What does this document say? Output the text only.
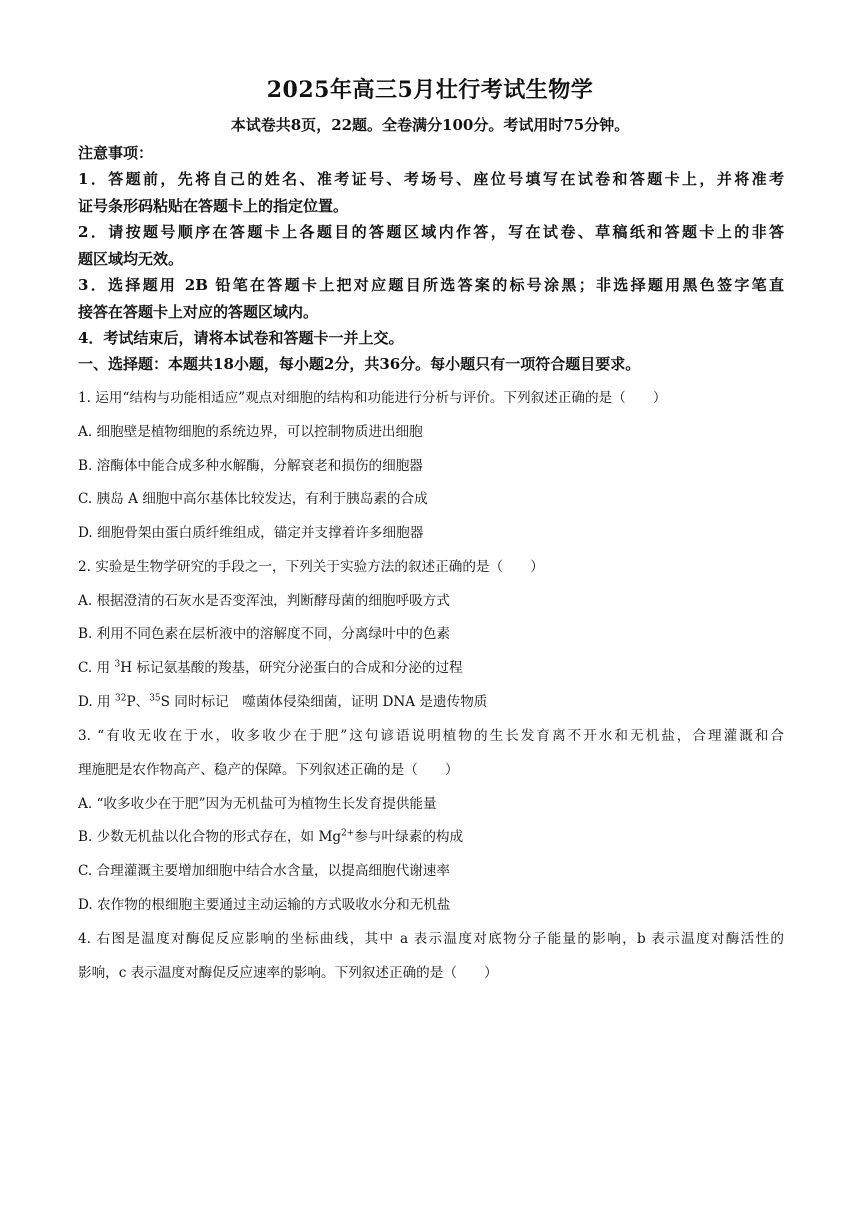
2025年高三5月壮行考试生物学
本试卷共8页，22题。全卷满分100分。考试用时75分钟。
注意事项：
1．答题前，先将自己的姓名、准考证号、考场号、座位号填写在试卷和答题卡上，并将准考
证号条形码粘贴在答题卡上的指定位置。
2．请按题号顺序在答题卡上各题目的答题区域内作答，写在试卷、草稿纸和答题卡上的非答
题区域均无效。
3．选择题用 2B 铅笔在答题卡上把对应题目所选答案的标号涂黑；非选择题用黑色签字笔直
接答在答题卡上对应的答题区域内。
4．考试结束后，请将本试卷和答题卡一并上交。
一、选择题：本题共18小题，每小题2分，共36分。每小题只有一项符合题目要求。
1. 运用“结构与功能相适应”观点对细胞的结构和功能进行分析与评价。下列叙述正确的是（　　）
A. 细胞壁是植物细胞的系统边界，可以控制物质进出细胞
B. 溶酶体中能合成多种水解酶，分解衰老和损伤的细胞器
C. 胰岛 A 细胞中高尔基体比较发达，有利于胰岛素的合成
D. 细胞骨架由蛋白质纤维组成，锚定并支撑着许多细胞器
2. 实验是生物学研究的手段之一，下列关于实验方法的叙述正确的是（　　）
A. 根据澄清的石灰水是否变浑浊，判断酵母菌的细胞呼吸方式
B. 利用不同色素在层析液中的溶解度不同，分离绿叶中的色素
C. 用 $^3$H 标记氨基酸的羧基，研究分泌蛋白的合成和分泌的过程
D. 用 $^{32}$P、$^{35}$S 同时标记　噬菌体侵染细菌，证明 DNA 是遗传物质
3. “有收无收在于水，收多收少在于肥”这句谚语说明植物的生长发育离不开水和无机盐，合理灌溉和合
理施肥是农作物高产、稳产的保障。下列叙述正确的是（　　）
A. “收多收少在于肥”因为无机盐可为植物生长发育提供能量
B. 少数无机盐以化合物的形式存在，如 $Mg^{2+}$参与叶绿素的构成
C. 合理灌溉主要增加细胞中结合水含量，以提高细胞代谢速率
D. 农作物的根细胞主要通过主动运输的方式吸收水分和无机盐
4. 右图是温度对酶促反应影响的坐标曲线，其中 a 表示温度对底物分子能量的影响，b 表示温度对酶活性的
影响，c 表示温度对酶促反应速率的影响。下列叙述正确的是（　　）
